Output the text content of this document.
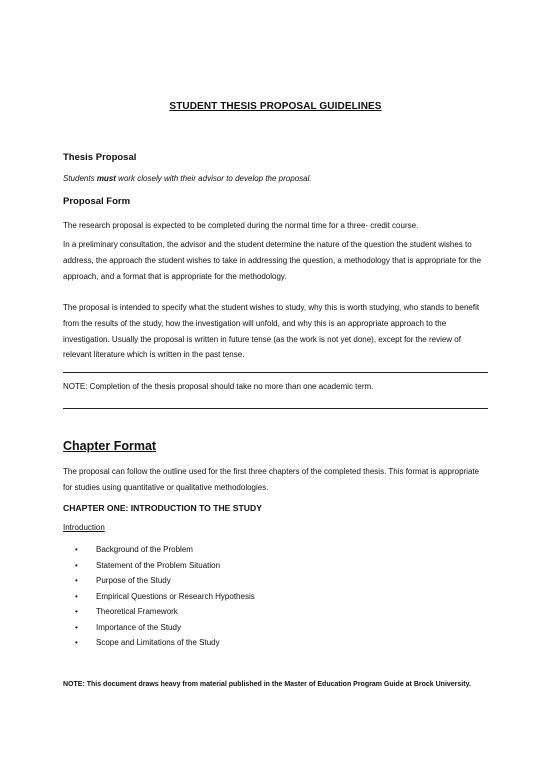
STUDENT THESIS PROPOSAL GUIDELINES
Thesis Proposal
Students must work closely with their advisor to develop the proposal.
Proposal Form
The research proposal is expected to be completed during the normal time for a three- credit course.
In a preliminary consultation, the advisor and the student determine the nature of the question the student wishes to address, the approach the student wishes to take in addressing the question, a methodology that is appropriate for the approach, and a format that is appropriate for the methodology.
The proposal is intended to specify what the student wishes to study, why this is worth studying, who stands to benefit from the results of the study, how the investigation will unfold, and why this is an appropriate approach to the investigation. Usually the proposal is written in future tense (as the work is not yet done), except for the review of relevant literature which is written in the past tense.
NOTE: Completion of the thesis proposal should take no more than one academic term.
Chapter Format
The proposal can follow the outline used for the first three chapters of the completed thesis. This format is appropriate for studies using quantitative or qualitative methodologies.
CHAPTER ONE: INTRODUCTION TO THE STUDY
Introduction
•	Background of the Problem
•	Statement of the Problem Situation
•	Purpose of the Study
•	Empirical Questions or Research Hypothesis
•	Theoretical Framework
•	Importance of the Study
•	Scope and Limitations of the Study
NOTE: This document draws heavy from material published in the Master of Education Program Guide at Brock University.
